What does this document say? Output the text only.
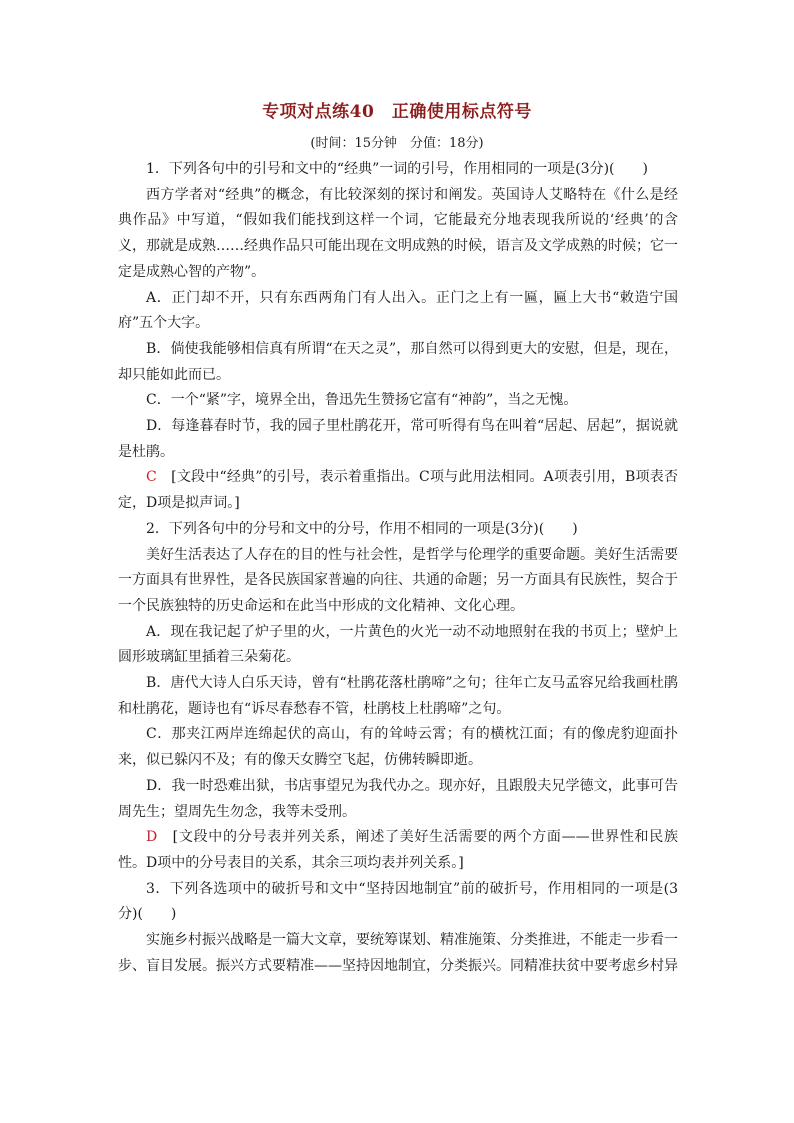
专项对点练40　正确使用标点符号
(时间：15分钟　分值：18分)

1．下列各句中的引号和文中的“经典”一词的引号，作用相同的一项是(3分)(　　)

西方学者对“经典”的概念，有比较深刻的探讨和阐发。英国诗人艾略特在《什么是经典作品》中写道，“假如我们能找到这样一个词，它能最充分地表现我所说的‘经典’的含义，那就是成熟……经典作品只可能出现在文明成熟的时候，语言及文学成熟的时候；它一定是成熟心智的产物”。

A．正门却不开，只有东西两角门有人出入。正门之上有一匾，匾上大书“敕造宁国府”五个大字。

B．倘使我能够相信真有所谓“在天之灵”，那自然可以得到更大的安慰，但是，现在，却只能如此而已。

C．一个“紧”字，境界全出，鲁迅先生赞扬它富有“神韵”，当之无愧。

D．每逢暮春时节，我的园子里杜鹃花开，常可听得有鸟在叫着“居起、居起”，据说就是杜鹃。

C　[文段中“经典”的引号，表示着重指出。C项与此用法相同。A项表引用，B项表否定，D项是拟声词。]

2．下列各句中的分号和文中的分号，作用不相同的一项是(3分)(　　)

美好生活表达了人存在的目的性与社会性，是哲学与伦理学的重要命题。美好生活需要一方面具有世界性，是各民族国家普遍的向往、共通的命题；另一方面具有民族性，契合于一个民族独特的历史命运和在此当中形成的文化精神、文化心理。

A．现在我记起了炉子里的火，一片黄色的火光一动不动地照射在我的书页上；壁炉上圆形玻璃缸里插着三朵菊花。

B．唐代大诗人白乐天诗，曾有“杜鹃花落杜鹃啼”之句；往年亡友马孟容兄给我画杜鹃和杜鹃花，题诗也有“诉尽春愁春不管，杜鹃枝上杜鹃啼”之句。

C．那夹江两岸连绵起伏的高山，有的耸峙云霄；有的横枕江面；有的像虎豹迎面扑来，似已躲闪不及；有的像天女腾空飞起，仿佛转瞬即逝。

D．我一时恐难出狱，书店事望兄为我代办之。现亦好，且跟殷夫兄学德文，此事可告周先生；望周先生勿念，我等未受刑。

D　[文段中的分号表并列关系，阐述了美好生活需要的两个方面——世界性和民族性。D项中的分号表目的关系，其余三项均表并列关系。]

3．下列各选项中的破折号和文中“坚持因地制宜”前的破折号，作用相同的一项是(3分)(　　)

实施乡村振兴战略是一篇大文章，要统筹谋划、精准施策、分类推进，不能走一步看一步、盲目发展。振兴方式要精准——坚持因地制宜，分类振兴。同精准扶贫中要考虑乡村异
